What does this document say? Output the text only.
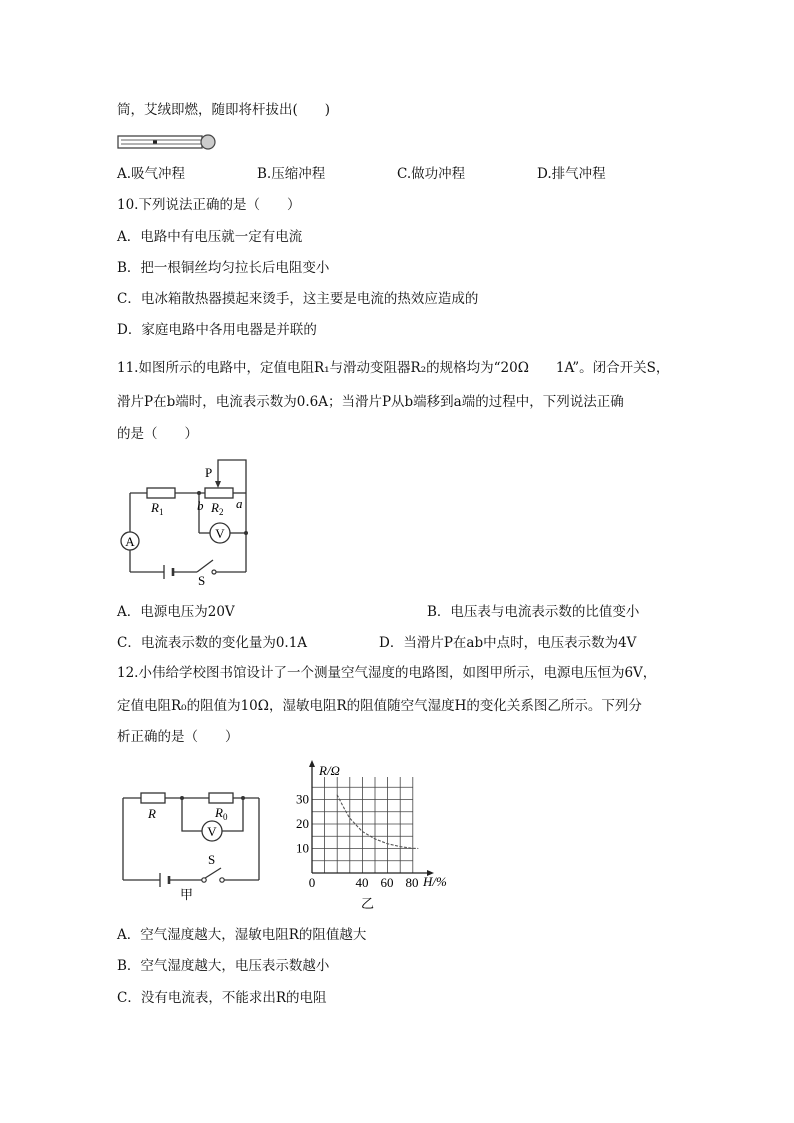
筒，艾绒即燃，随即将杆拔出(　　)
A.吸气冲程	B.压缩冲程	C.做功冲程	D.排气冲程
10.下列说法正确的是（　　）
A．电路中有电压就一定有电流
B．把一根铜丝均匀拉长后电阻变小
C．电冰箱散热器摸起来烫手，这主要是电流的热效应造成的
D．家庭电路中各用电器是并联的
11.如图所示的电路中，定值电阻R₁与滑动变阻器R₂的规格均为“20Ω　　1A”。闭合开关S，
滑片P在b端时，电流表示数为0.6A；当滑片P从b端移到a端的过程中，下列说法正确
的是（　　）
A
V
P
$R_1$	b $R_2$
a
S
A．电源电压为20V	B．电压表与电流表示数的比值变小
C．电流表示数的变化量为0.1A	D．当滑片P在ab中点时，电压表示数为4V
12.小伟给学校图书馆设计了一个测量空气湿度的电路图，如图甲所示，电源电压恒为6V，
定值电阻R₀的阻值为10Ω，湿敏电阻R的阻值随空气湿度H的变化关系图乙所示。下列分
析正确的是（　　）
R	$R_0$
V
S
甲
0	40 60 80
10
20
30
R/Ω
H/%
乙
A．空气湿度越大，湿敏电阻R的阻值越大
B．空气湿度越大，电压表示数越小
C．没有电流表，不能求出R的电阻
